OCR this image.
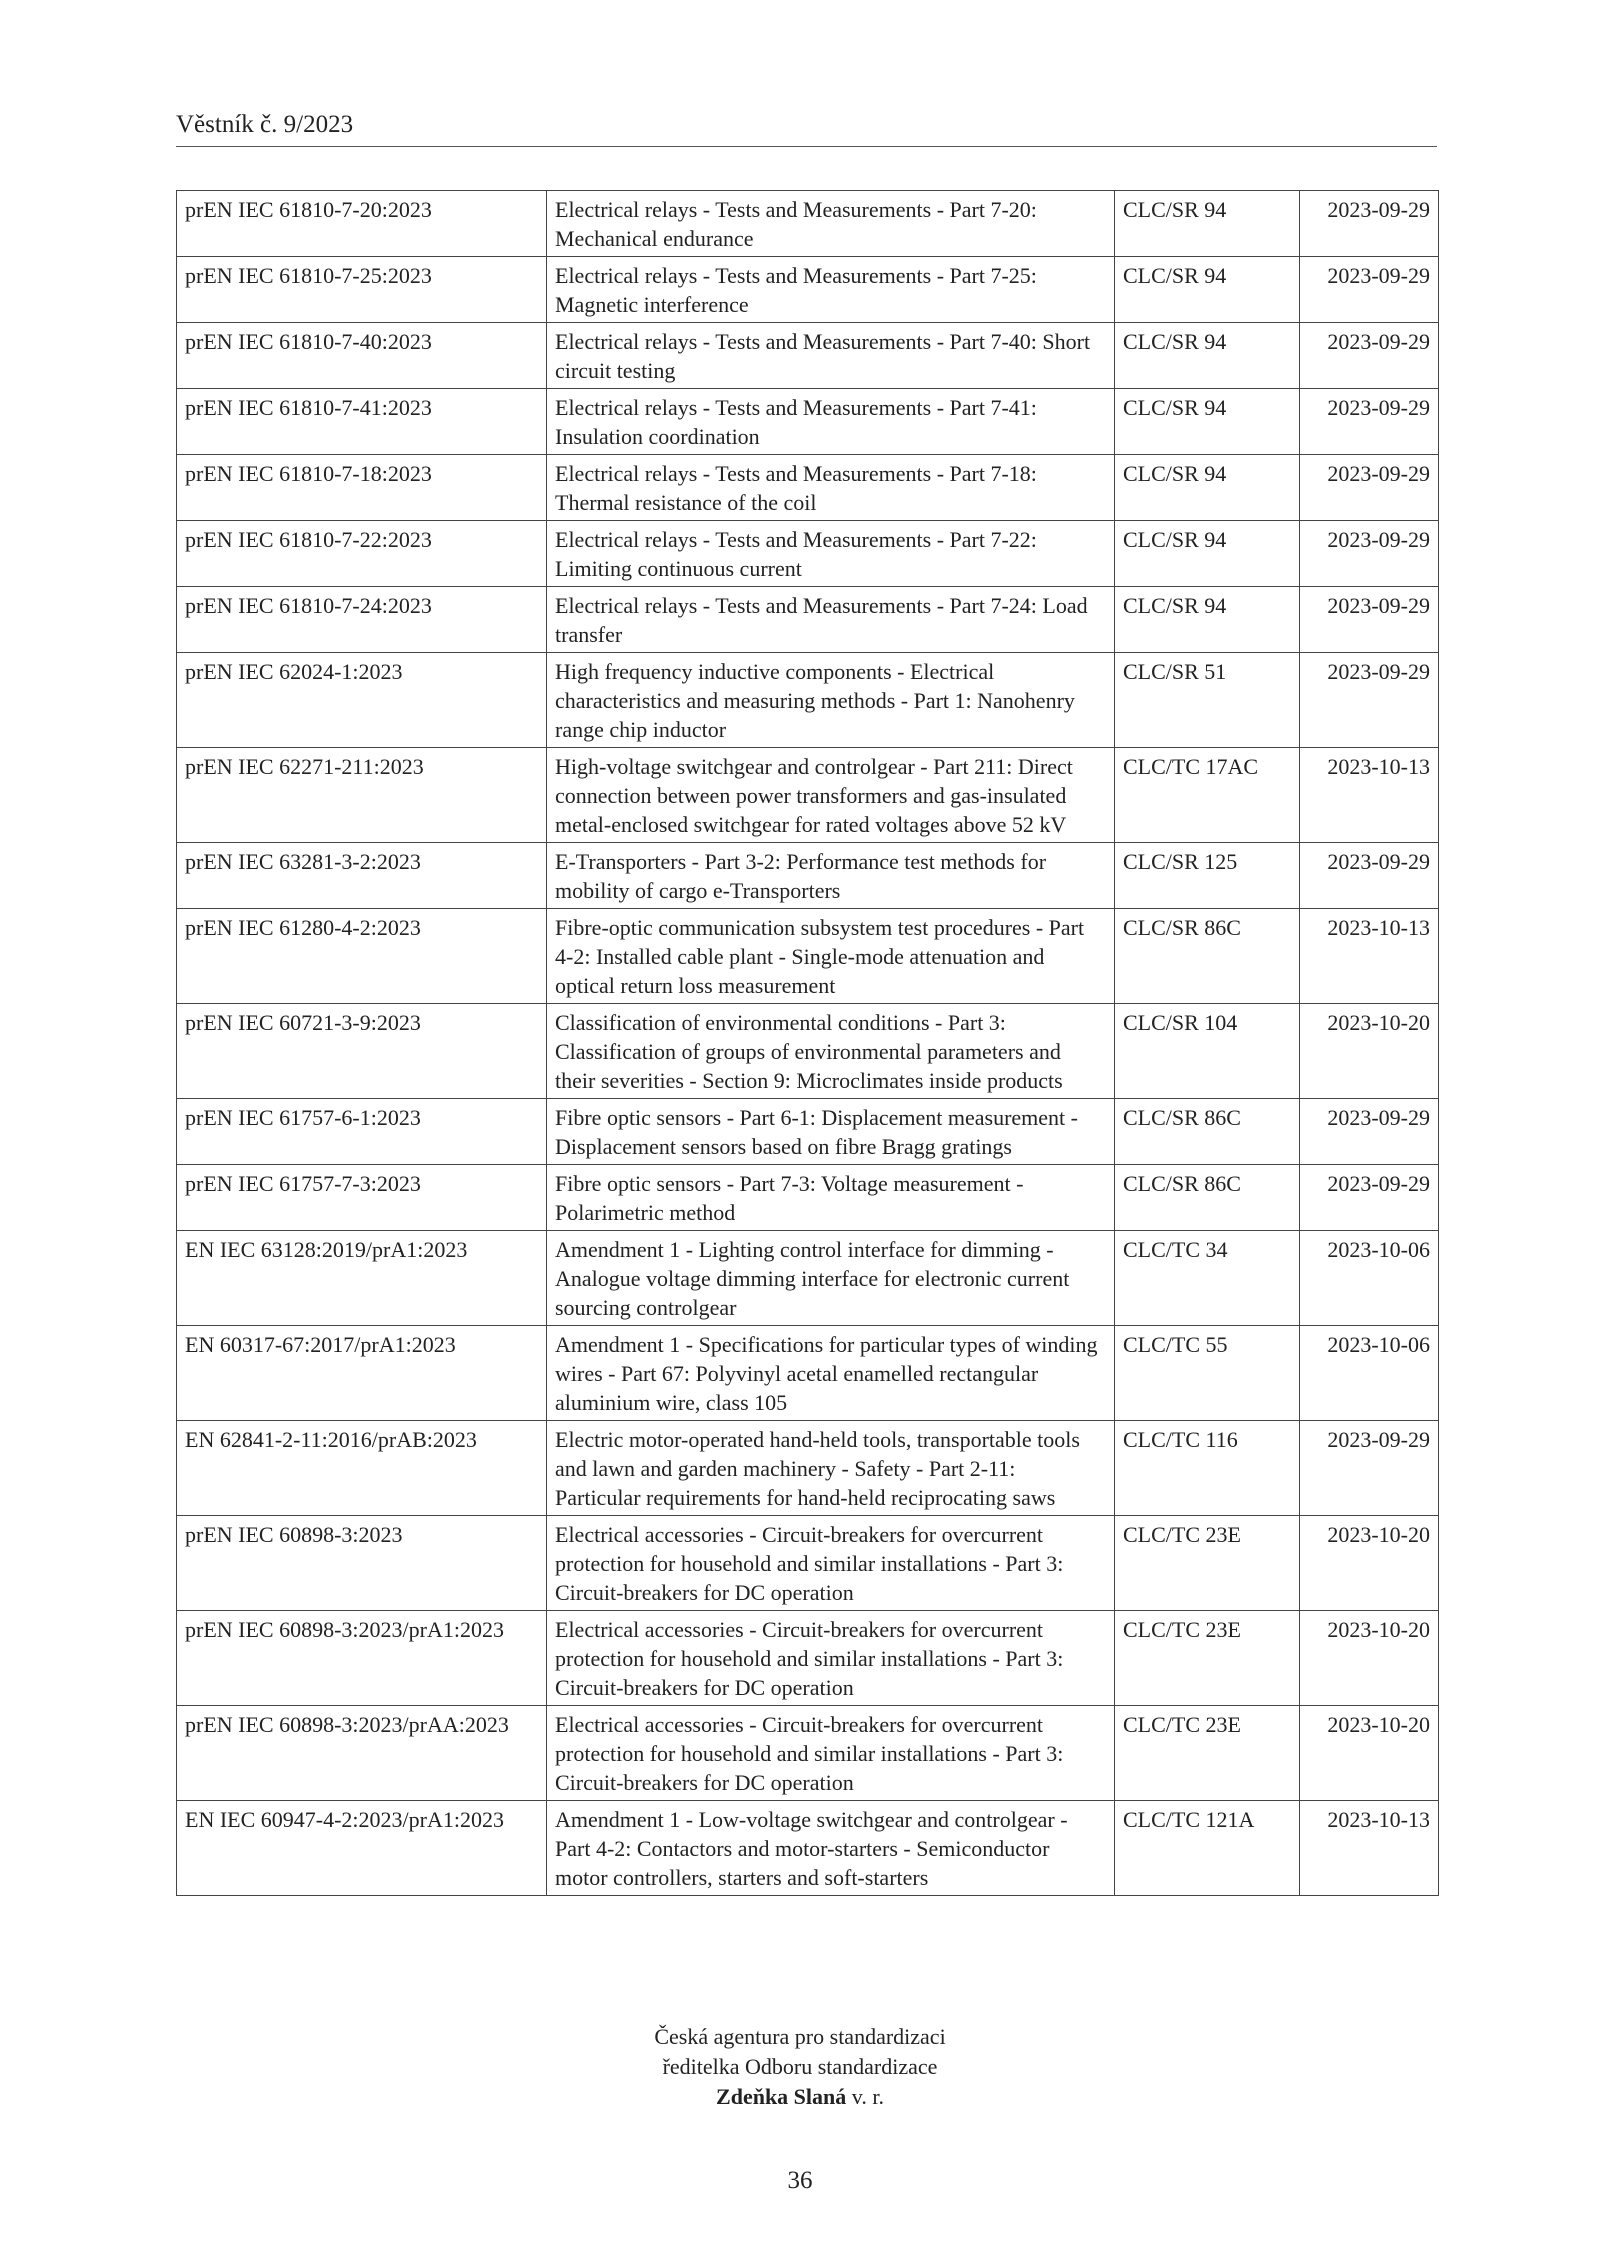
Věstník č. 9/2023
prEN IEC 61810-7-20:2023	Electrical relays - Tests and Measurements - Part 7-20: Mechanical endurance	CLC/SR 94	2023-09-29
prEN IEC 61810-7-25:2023	Electrical relays - Tests and Measurements - Part 7-25: Magnetic interference	CLC/SR 94	2023-09-29
prEN IEC 61810-7-40:2023	Electrical relays - Tests and Measurements - Part 7-40: Short circuit testing	CLC/SR 94	2023-09-29
prEN IEC 61810-7-41:2023	Electrical relays - Tests and Measurements - Part 7-41: Insulation coordination	CLC/SR 94	2023-09-29
prEN IEC 61810-7-18:2023	Electrical relays - Tests and Measurements - Part 7-18: Thermal resistance of the coil	CLC/SR 94	2023-09-29
prEN IEC 61810-7-22:2023	Electrical relays - Tests and Measurements - Part 7-22: Limiting continuous current	CLC/SR 94	2023-09-29
prEN IEC 61810-7-24:2023	Electrical relays - Tests and Measurements - Part 7-24: Load transfer	CLC/SR 94	2023-09-29
prEN IEC 62024-1:2023	High frequency inductive components - Electrical characteristics and measuring methods - Part 1: Nanohenry range chip inductor	CLC/SR 51	2023-09-29
prEN IEC 62271-211:2023	High-voltage switchgear and controlgear - Part 211: Direct connection between power transformers and gas-insulated metal-enclosed switchgear for rated voltages above 52 kV	CLC/TC 17AC	2023-10-13
prEN IEC 63281-3-2:2023	E-Transporters - Part 3-2: Performance test methods for mobility of cargo e-Transporters	CLC/SR 125	2023-09-29
prEN IEC 61280-4-2:2023	Fibre-optic communication subsystem test procedures - Part 4-2: Installed cable plant - Single-mode attenuation and optical return loss measurement	CLC/SR 86C	2023-10-13
prEN IEC 60721-3-9:2023	Classification of environmental conditions - Part 3: Classification of groups of environmental parameters and their severities - Section 9: Microclimates inside products	CLC/SR 104	2023-10-20
prEN IEC 61757-6-1:2023	Fibre optic sensors - Part 6-1: Displacement measurement - Displacement sensors based on fibre Bragg gratings	CLC/SR 86C	2023-09-29
prEN IEC 61757-7-3:2023	Fibre optic sensors - Part 7-3: Voltage measurement - Polarimetric method	CLC/SR 86C	2023-09-29
EN IEC 63128:2019/prA1:2023	Amendment 1 - Lighting control interface for dimming - Analogue voltage dimming interface for electronic current sourcing controlgear	CLC/TC 34	2023-10-06
EN 60317-67:2017/prA1:2023	Amendment 1 - Specifications for particular types of winding wires - Part 67: Polyvinyl acetal enamelled rectangular aluminium wire, class 105	CLC/TC 55	2023-10-06
EN 62841-2-11:2016/prAB:2023	Electric motor-operated hand-held tools, transportable tools and lawn and garden machinery - Safety - Part 2-11: Particular requirements for hand-held reciprocating saws	CLC/TC 116	2023-09-29
prEN IEC 60898-3:2023	Electrical accessories - Circuit-breakers for overcurrent protection for household and similar installations - Part 3: Circuit-breakers for DC operation	CLC/TC 23E	2023-10-20
prEN IEC 60898-3:2023/prA1:2023	Electrical accessories - Circuit-breakers for overcurrent protection for household and similar installations - Part 3: Circuit-breakers for DC operation	CLC/TC 23E	2023-10-20
prEN IEC 60898-3:2023/prAA:2023	Electrical accessories - Circuit-breakers for overcurrent protection for household and similar installations - Part 3: Circuit-breakers for DC operation	CLC/TC 23E	2023-10-20
EN IEC 60947-4-2:2023/prA1:2023	Amendment 1 - Low-voltage switchgear and controlgear - Part 4-2: Contactors and motor-starters - Semiconductor motor controllers, starters and soft-starters	CLC/TC 121A	2023-10-13
Česká agentura pro standardizaci
ředitelka Odboru standardizace
Zdeňka Slaná v. r.
36
